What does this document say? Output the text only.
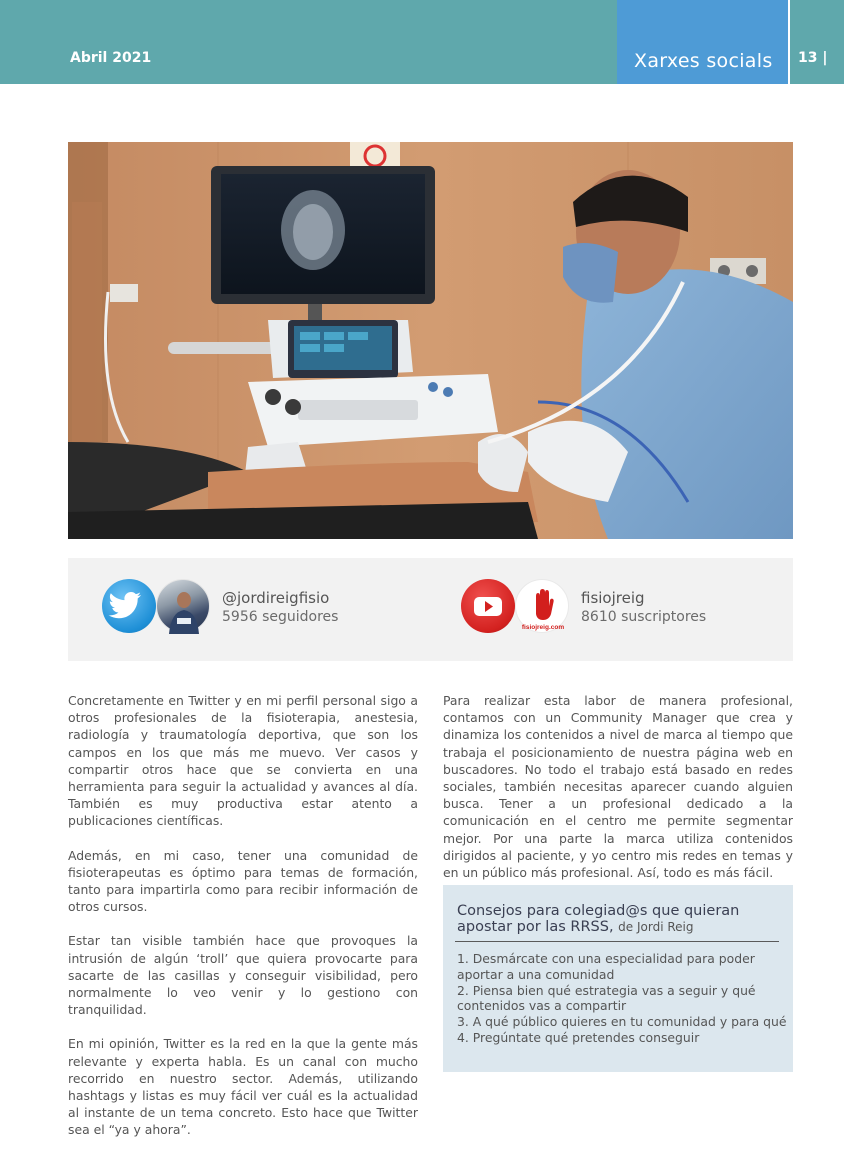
Abril 2021	Xarxes socials 13 |
@jordireigfisio
5956 seguidores
fisiojreig.com
fisiojreig
8610 suscriptores

Concretamente en Twitter y en mi perfil personal sigo a otros profesionales de la fisioterapia, anestesia, radiología y traumatología deportiva, que son los campos en los que más me muevo. Ver casos y compartir otros hace que se convierta en una herramienta para seguir la actualidad y avances al día. También es muy productiva estar atento a publicaciones científicas.

Además, en mi caso, tener una comunidad de fisioterapeutas es óptimo para temas de formación, tanto para impartirla como para recibir información de otros cursos.

Estar tan visible también hace que provoques la intrusión de algún ‘troll’ que quiera provocarte para sacarte de las casillas y conseguir visibilidad, pero normalmente lo veo venir y lo gestiono con tranquilidad.

En mi opinión, Twitter es la red en la que la gente más relevante y experta habla. Es un canal con mucho recorrido en nuestro sector. Además, utilizando hashtags y listas es muy fácil ver cuál es la actualidad al instante de un tema concreto. Esto hace que Twitter sea el “ya y ahora”.

Para realizar esta labor de manera profesional, contamos con un Community Manager que crea y dinamiza los contenidos a nivel de marca al tiempo que trabaja el posicionamiento de nuestra página web en buscadores. No todo el trabajo está basado en redes sociales, también necesitas aparecer cuando alguien busca. Tener a un profesional dedicado a la comunicación en el centro me permite segmentar mejor. Por una parte la marca utiliza contenidos dirigidos al paciente, y yo centro mis redes en temas y en un público más profesional. Así, todo es más fácil.

Consejos para colegiad@s que quieran apostar por las RRSS, de Jordi Reig
1. Desmárcate con una especialidad para poder aportar a una comunidad
2. Piensa bien qué estrategia vas a seguir y qué contenidos vas a compartir
3. A qué público quieres en tu comunidad y para qué
4. Pregúntate qué pretendes conseguir
